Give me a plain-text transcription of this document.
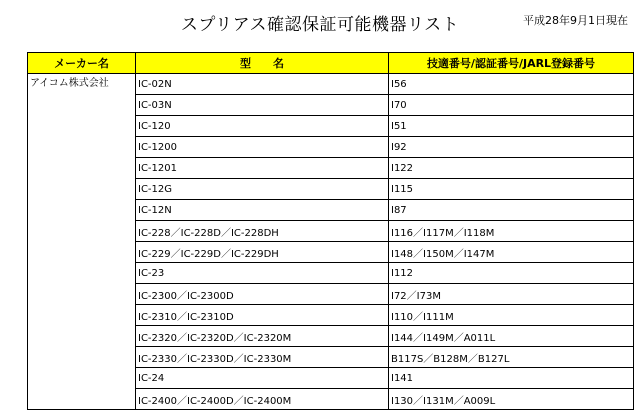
スプリアス確認保証可能機器リスト	平成28年9月1日現在
メーカー名	型　　名	技適番号/認証番号/JARL登録番号
アイコム株式会社	IC-02N	I56
	IC-03N	I70
	IC-120	I51
	IC-1200	I92
	IC-1201	I122
	IC-12G	I115
	IC-12N	I87
	IC-228／IC-228D／IC-228DH	I116／I117M／I118M
	IC-229／IC-229D／IC-229DH	I148／I150M／I147M
	IC-23	I112
	IC-2300／IC-2300D	I72／I73M
	IC-2310／IC-2310D	I110／I111M
	IC-2320／IC-2320D／IC-2320M	I144／I149M／A011L
	IC-2330／IC-2330D／IC-2330M	B117S／B128M／B127L
	IC-24	I141
	IC-2400／IC-2400D／IC-2400M	I130／I131M／A009L
